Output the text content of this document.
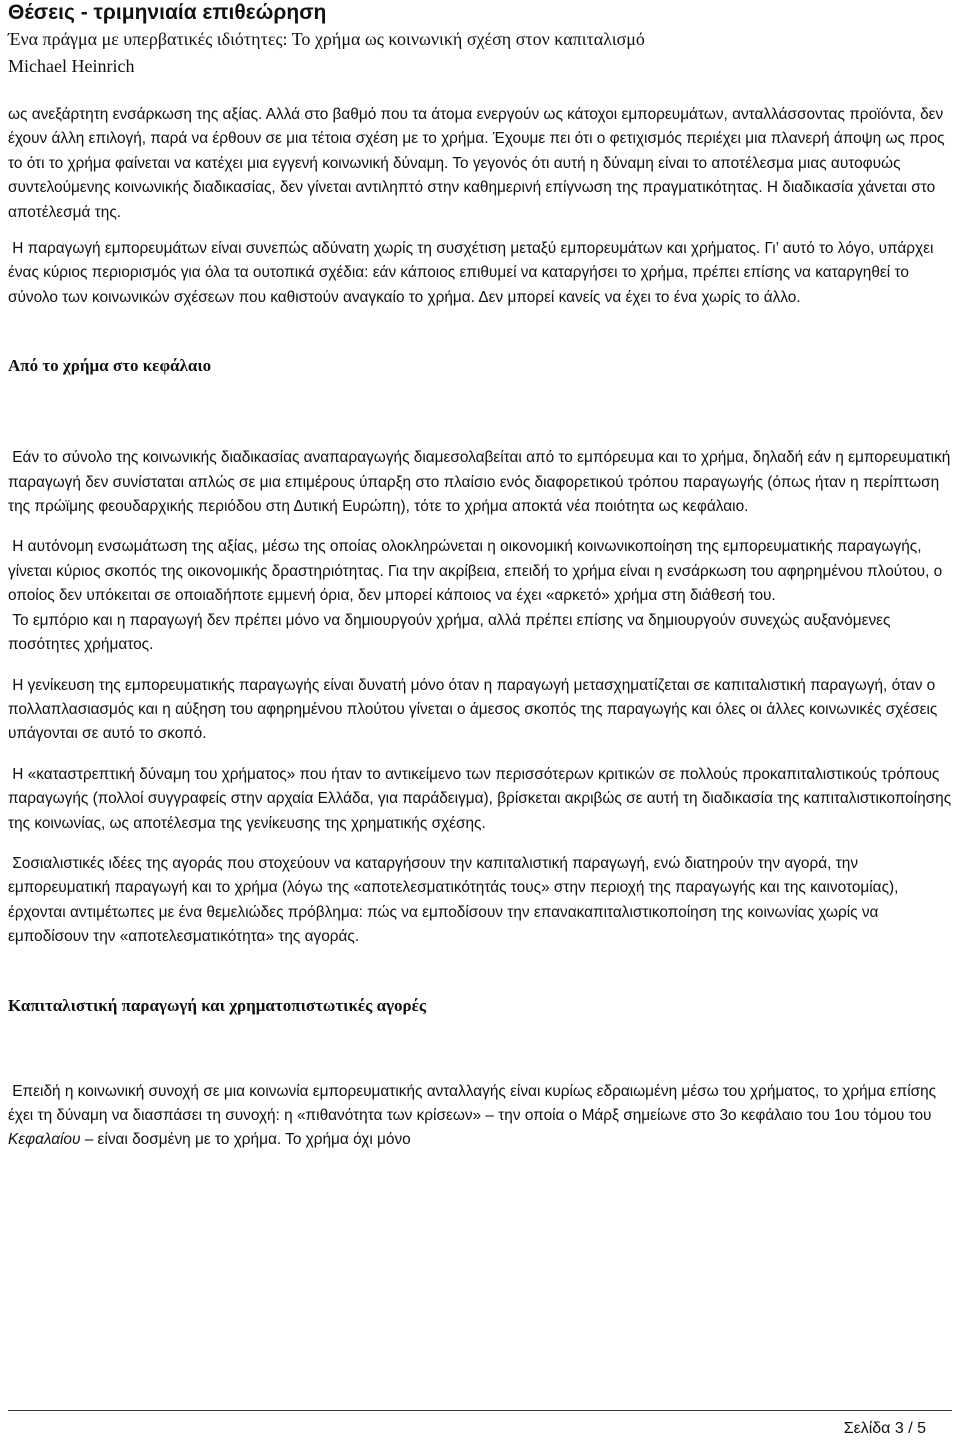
Θέσεις - τριμηνιαία επιθεώρηση
Ένα πράγμα με υπερβατικές ιδιότητες: Το χρήμα ως κοινωνική σχέση στον καπιταλισμό
Michael Heinrich

ως ανεξάρτητη ενσάρκωση της αξίας. Αλλά στο βαθμό που τα άτομα ενεργούν ως κάτοχοι εμπορευμάτων, ανταλλάσσοντας προϊόντα, δεν έχουν άλλη επιλογή, παρά να έρθουν σε μια τέτοια σχέση με το χρήμα. Έχουμε πει ότι ο φετιχισμός περιέχει μια πλανερή άποψη ως προς το ότι το χρήμα φαίνεται να κατέχει μια εγγενή κοινωνική δύναμη. Το γεγονός ότι αυτή η δύναμη είναι το αποτέλεσμα μιας αυτοφυώς συντελούμενης κοινωνικής διαδικασίας, δεν γίνεται αντιληπτό στην καθημερινή επίγνωση της πραγματικότητας. Η διαδικασία χάνεται στο αποτέλεσμά της.

Η παραγωγή εμπορευμάτων είναι συνεπώς αδύνατη χωρίς τη συσχέτιση μεταξύ εμπορευμάτων και χρήματος. Γι’ αυτό το λόγο, υπάρχει ένας κύριος περιορισμός για όλα τα ουτοπικά σχέδια: εάν κάποιος επιθυμεί να καταργήσει το χρήμα, πρέπει επίσης να καταργηθεί το σύνολο των κοινωνικών σχέσεων που καθιστούν αναγκαίο το χρήμα. Δεν μπορεί κανείς να έχει το ένα χωρίς το άλλο.

Από το χρήμα στο κεφάλαιο

Εάν το σύνολο της κοινωνικής διαδικασίας αναπαραγωγής διαμεσολαβείται από το εμπόρευμα και το χρήμα, δηλαδή εάν η εμπορευματική παραγωγή δεν συνίσταται απλώς σε μια επιμέρους ύπαρξη στο πλαίσιο ενός διαφορετικού τρόπου παραγωγής (όπως ήταν η περίπτωση της πρώϊμης φεουδαρχικής περιόδου στη Δυτική Ευρώπη), τότε το χρήμα αποκτά νέα ποιότητα ως κεφάλαιο.

Η αυτόνομη ενσωμάτωση της αξίας, μέσω της οποίας ολοκληρώνεται η οικονομική κοινωνικοποίηση της εμπορευματικής παραγωγής, γίνεται κύριος σκοπός της οικονομικής δραστηριότητας. Για την ακρίβεια, επειδή το χρήμα είναι η ενσάρκωση του αφηρημένου πλούτου, ο οποίος δεν υπόκειται σε οποιαδήποτε εμμενή όρια, δεν μπορεί κάποιος να έχει «αρκετό» χρήμα στη διάθεσή του.

Το εμπόριο και η παραγωγή δεν πρέπει μόνο να δημιουργούν χρήμα, αλλά πρέπει επίσης να δημιουργούν συνεχώς αυξανόμενες ποσότητες χρήματος.

Η γενίκευση της εμπορευματικής παραγωγής είναι δυνατή μόνο όταν η παραγωγή μετασχηματίζεται σε καπιταλιστική παραγωγή, όταν ο πολλαπλασιασμός και η αύξηση του αφηρημένου πλούτου γίνεται ο άμεσος σκοπός της παραγωγής και όλες οι άλλες κοινωνικές σχέσεις υπάγονται σε αυτό το σκοπό.

Η «καταστρεπτική δύναμη του χρήματος» που ήταν το αντικείμενο των περισσότερων κριτικών σε πολλούς προκαπιταλιστικούς τρόπους παραγωγής (πολλοί συγγραφείς στην αρχαία Ελλάδα, για παράδειγμα), βρίσκεται ακριβώς σε αυτή τη διαδικασία της καπιταλιστικοποίησης της κοινωνίας, ως αποτέλεσμα της γενίκευσης της χρηματικής σχέσης.

Σοσιαλιστικές ιδέες της αγοράς που στοχεύουν να καταργήσουν την καπιταλιστική παραγωγή, ενώ διατηρούν την αγορά, την εμπορευματική παραγωγή και το χρήμα (λόγω της «αποτελεσματικότητάς τους» στην περιοχή της παραγωγής και της καινοτομίας), έρχονται αντιμέτωπες με ένα θεμελιώδες πρόβλημα: πώς να εμποδίσουν την επανακαπιταλιστικοποίηση της κοινωνίας χωρίς να εμποδίσουν την «αποτελεσματικότητα» της αγοράς.

Καπιταλιστική παραγωγή και χρηματοπιστωτικές αγορές

Επειδή η κοινωνική συνοχή σε μια κοινωνία εμπορευματικής ανταλλαγής είναι κυρίως εδραιωμένη μέσω του χρήματος, το χρήμα επίσης έχει τη δύναμη να διασπάσει τη συνοχή: η «πιθανότητα των κρίσεων» – την οποία ο Μάρξ σημείωνε στο 3ο κεφάλαιο του 1ου τόμου του Κεφαλαίου – είναι δοσμένη με το χρήμα. Το χρήμα όχι μόνο

Σελίδα 3 / 5
